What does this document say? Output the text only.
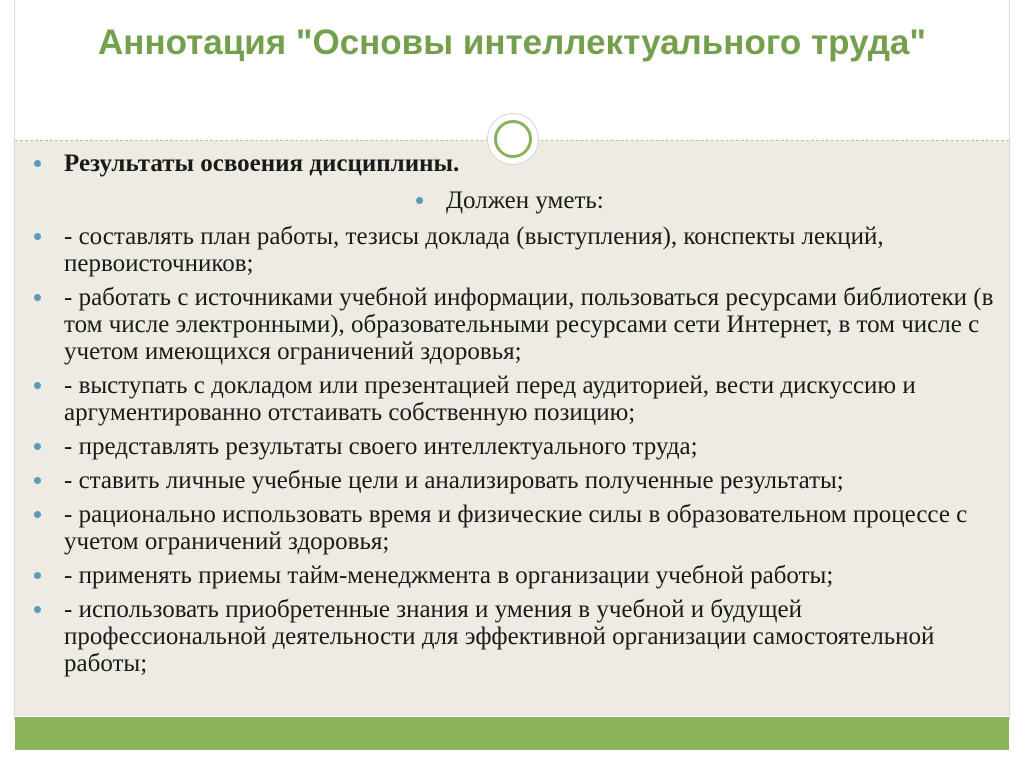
Аннотация "Основы интеллектуального труда"
Результаты освоения дисциплины.
Должен уметь:
- составлять план работы, тезисы доклада (выступления), конспекты лекций, первоисточников;
- работать с источниками учебной информации, пользоваться ресурсами библиотеки (в том числе электронными), образовательными ресурсами сети Интернет, в том числе с учетом имеющихся ограничений здоровья;
- выступать с докладом или презентацией перед аудиторией, вести дискуссию и аргументированно отстаивать собственную позицию;
- представлять результаты своего интеллектуального труда;
- ставить личные учебные цели и анализировать полученные результаты;
- рационально использовать время и физические силы в образовательном процессе с учетом ограничений здоровья;
- применять приемы тайм-менеджмента в организации учебной работы;
- использовать приобретенные знания и умения в учебной и будущей профессиональной деятельности для эффективной организации самостоятельной работы;
